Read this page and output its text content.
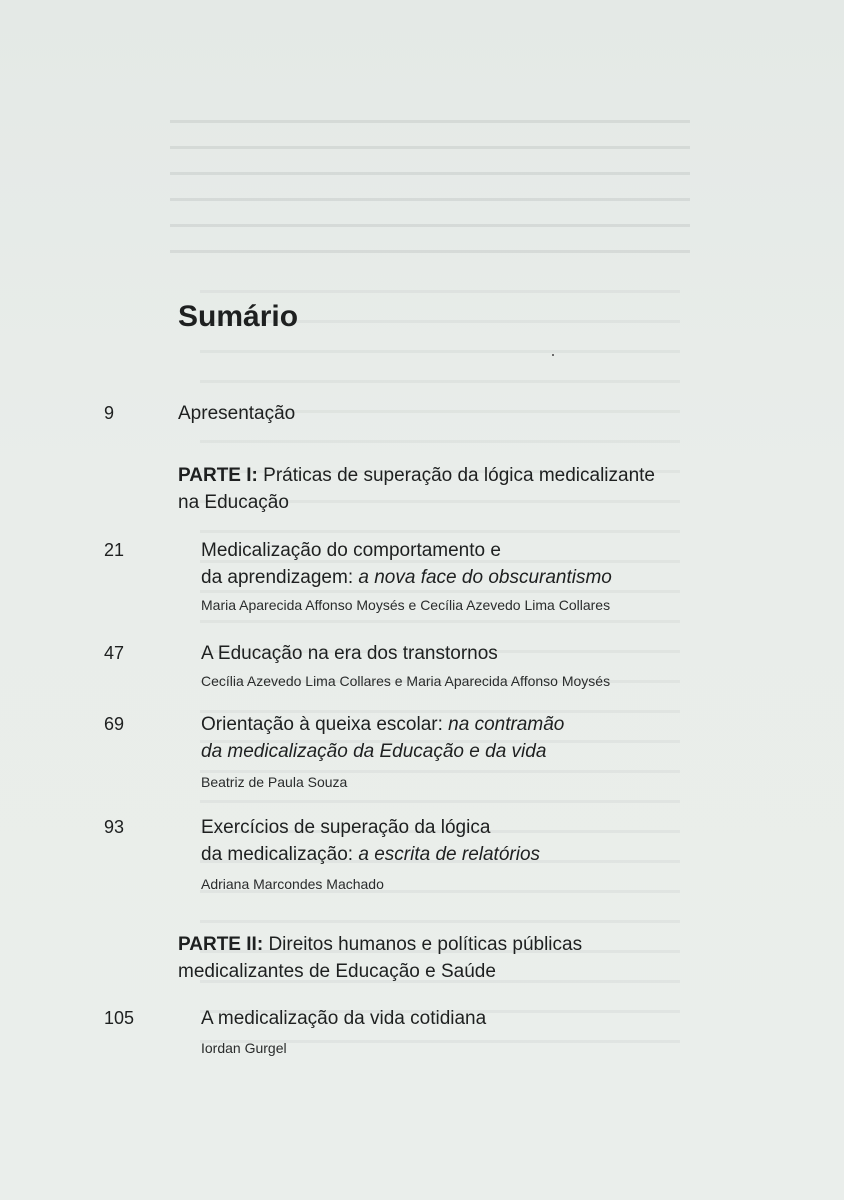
Sumário
9	Apresentação
PARTE I: Práticas de superação da lógica medicalizante
na Educação
21	Medicalização do comportamento e
da aprendizagem: a nova face do obscurantismo
Maria Aparecida Affonso Moysés e Cecília Azevedo Lima Collares
47	A Educação na era dos transtornos
Cecília Azevedo Lima Collares e Maria Aparecida Affonso Moysés
69	Orientação à queixa escolar: na contramão
da medicalização da Educação e da vida
Beatriz de Paula Souza
93	Exercícios de superação da lógica
da medicalização: a escrita de relatórios
Adriana Marcondes Machado
PARTE II: Direitos humanos e políticas públicas
medicalizantes de Educação e Saúde
105	A medicalização da vida cotidiana
Iordan Gurgel
